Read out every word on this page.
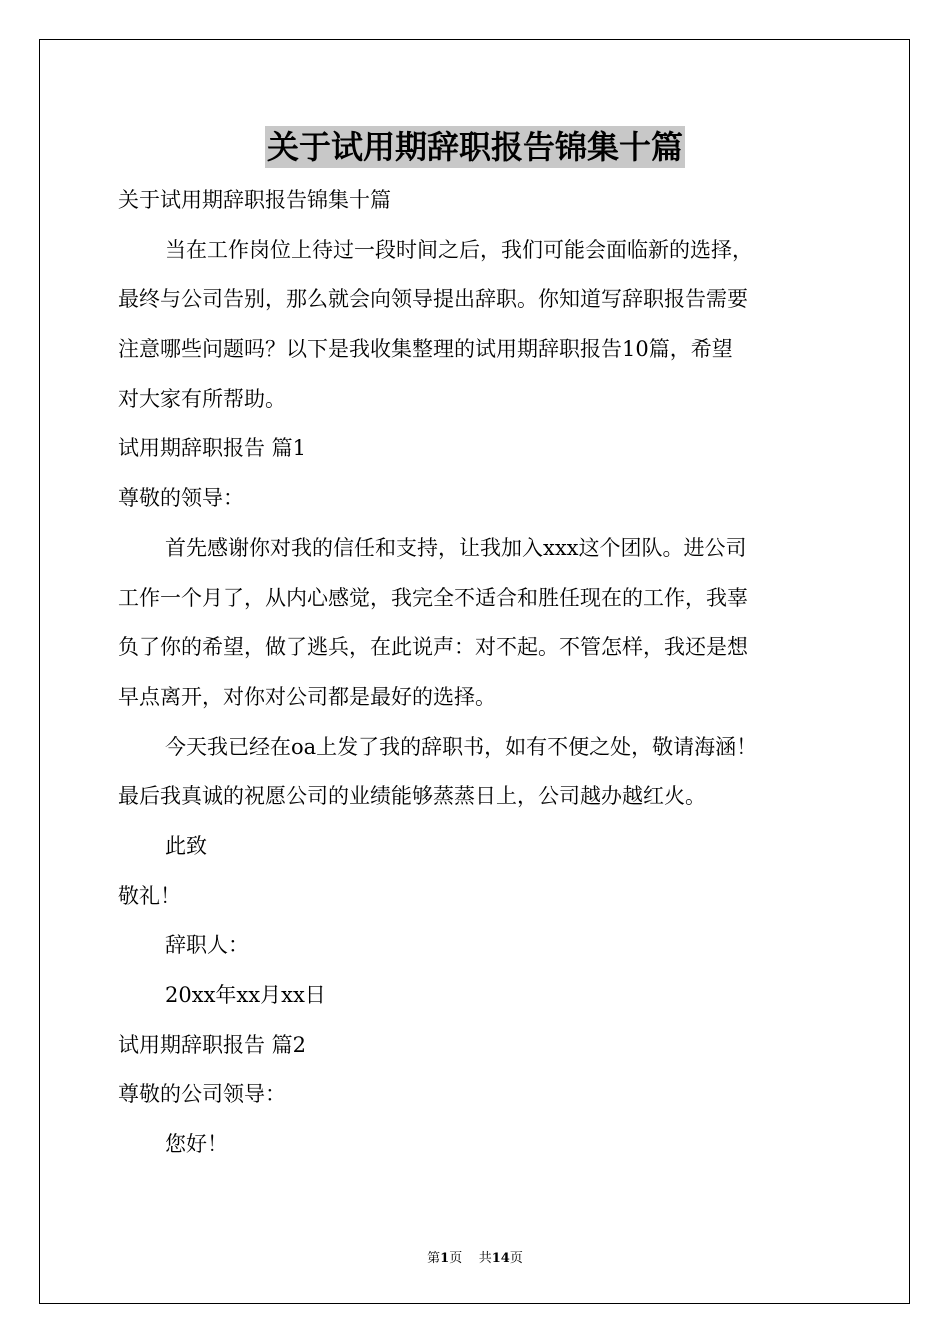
关于试用期辞职报告锦集十篇
关于试用期辞职报告锦集十篇
当在工作岗位上待过一段时间之后，我们可能会面临新的选择，
最终与公司告别，那么就会向领导提出辞职。你知道写辞职报告需要
注意哪些问题吗？以下是我收集整理的试用期辞职报告10篇，希望
对大家有所帮助。
试用期辞职报告 篇1
尊敬的领导：
首先感谢你对我的信任和支持，让我加入xxx这个团队。进公司
工作一个月了，从内心感觉，我完全不适合和胜任现在的工作，我辜
负了你的希望，做了逃兵，在此说声：对不起。不管怎样，我还是想
早点离开，对你对公司都是最好的选择。
今天我已经在oa上发了我的辞职书，如有不便之处，敬请海涵！
最后我真诚的祝愿公司的业绩能够蒸蒸日上，公司越办越红火。
此致
敬礼！
辞职人：
20xx年xx月xx日
试用期辞职报告 篇2
尊敬的公司领导：
您好！
第1页 共14页
